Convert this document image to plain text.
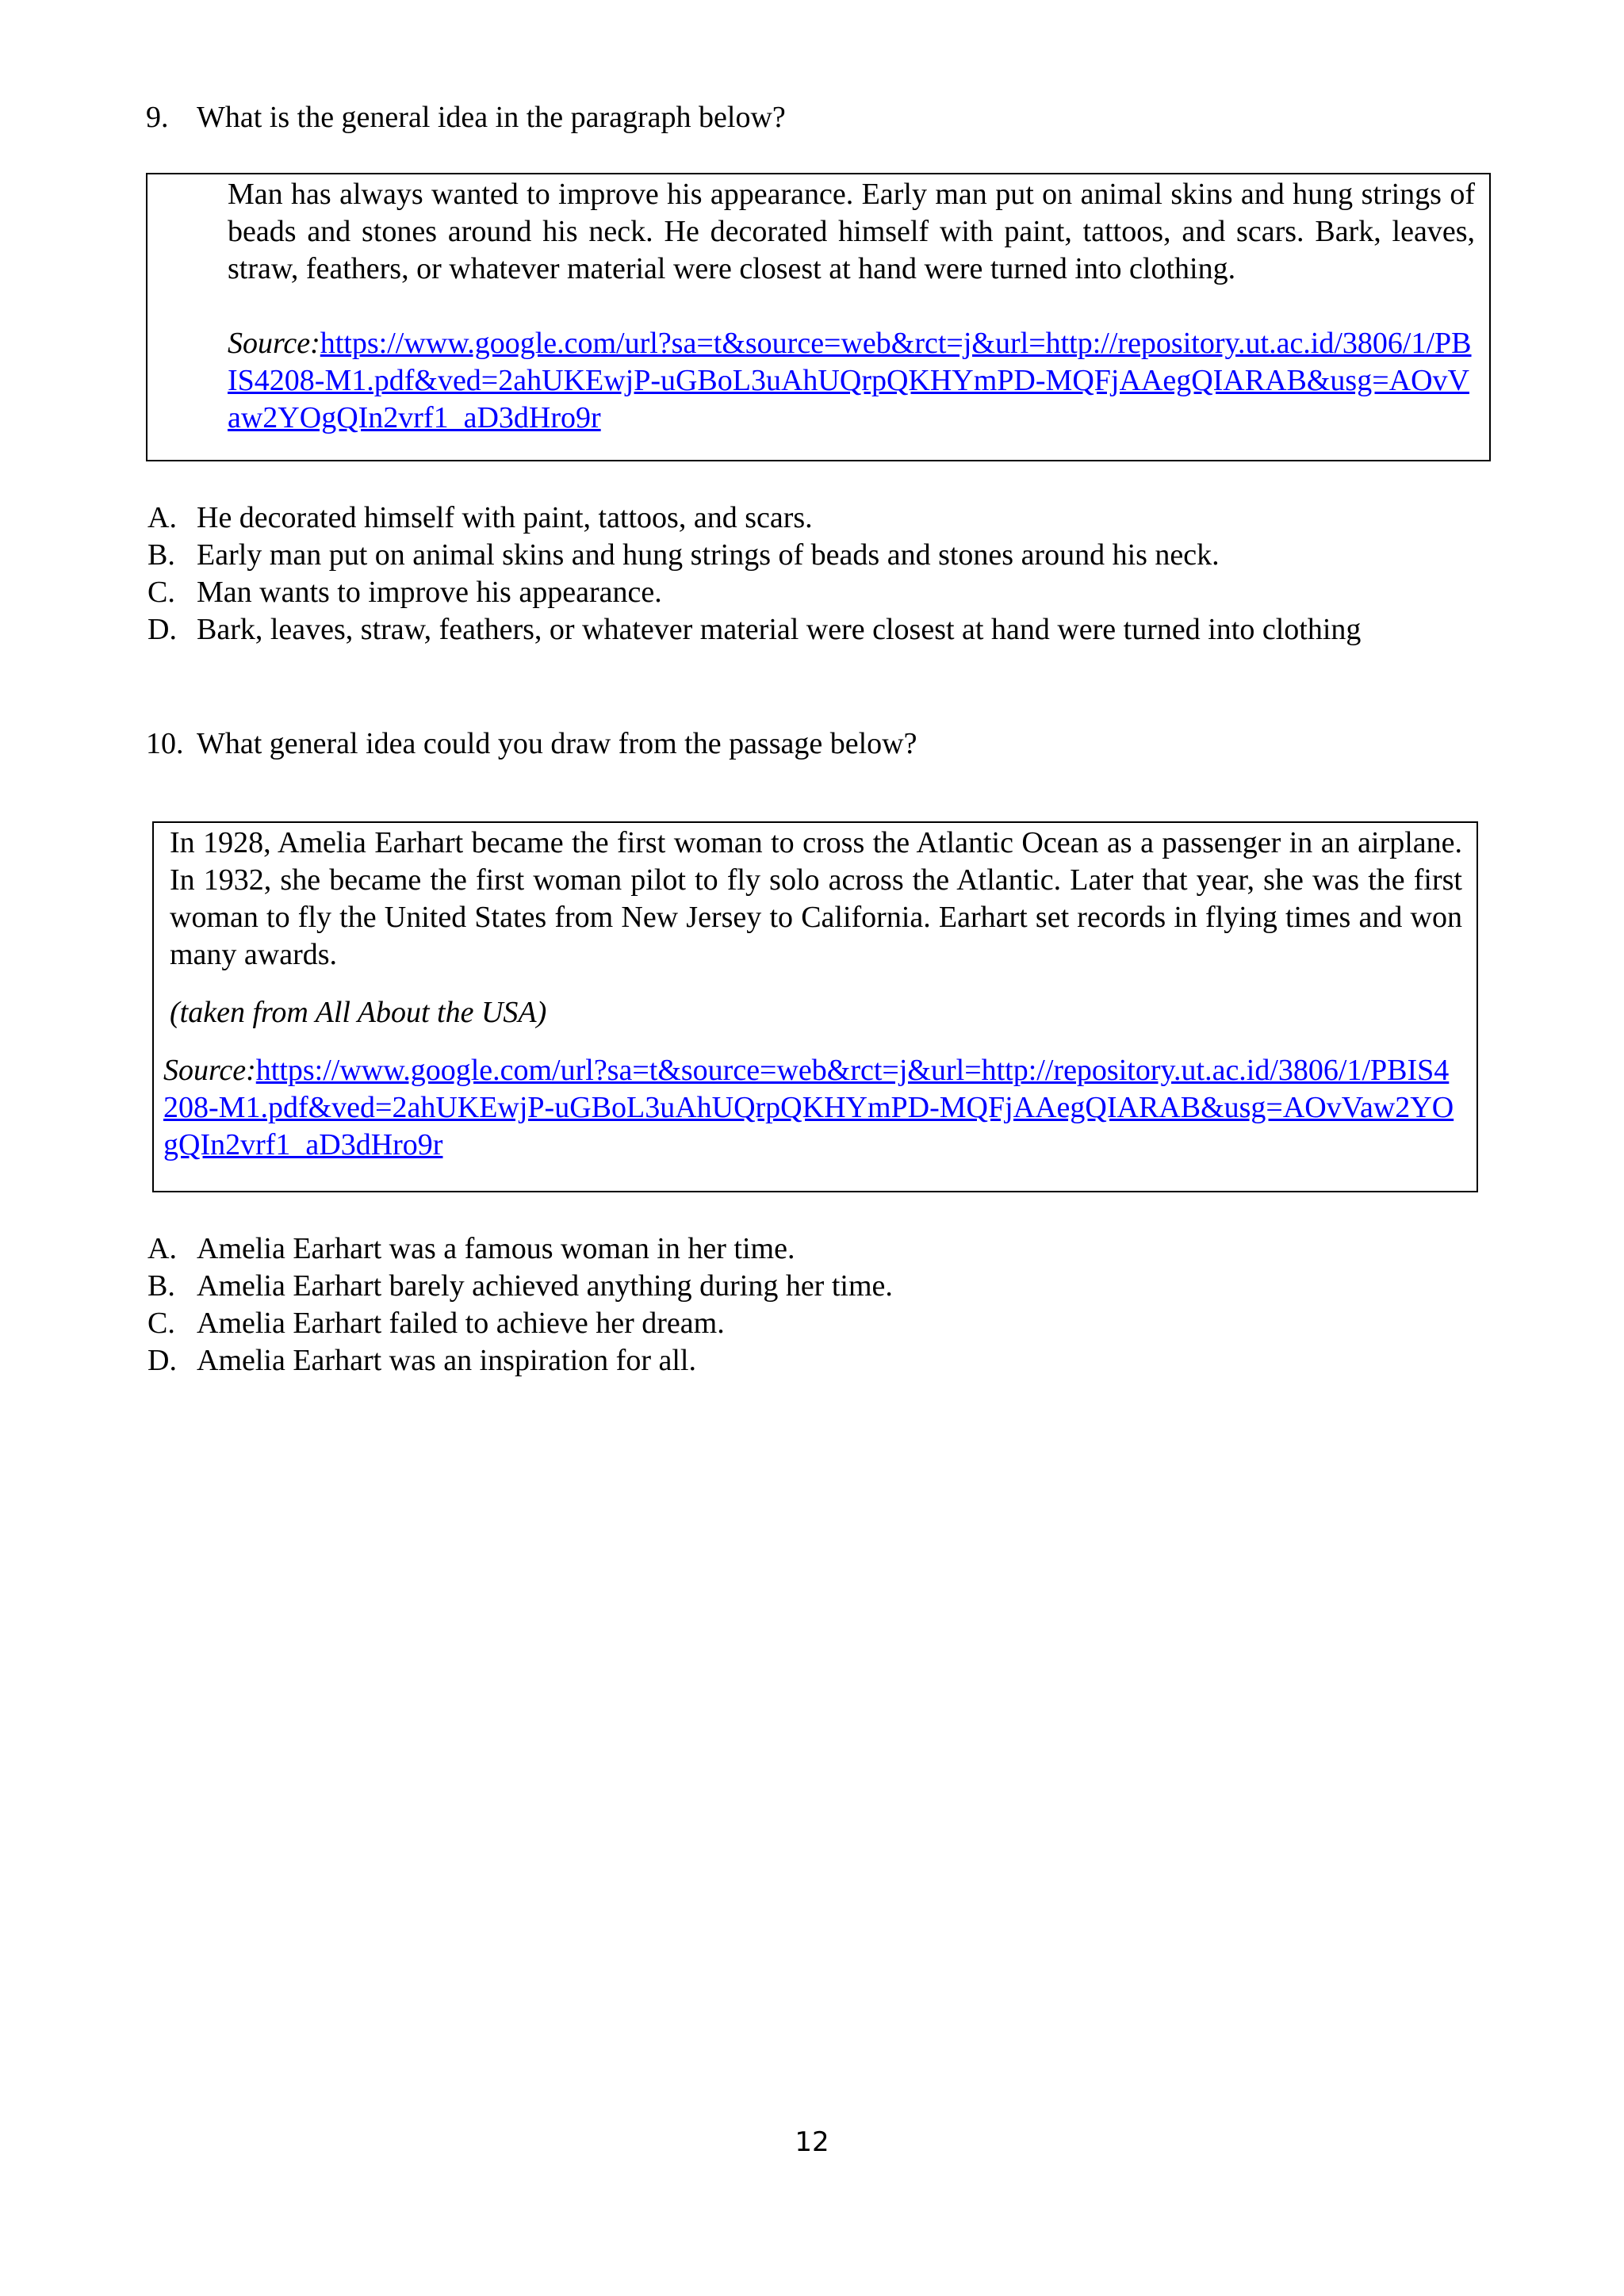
9. What is the general idea in the paragraph below?
Man has always wanted to improve his appearance. Early man put on animal skins and hung strings of beads and stones around his neck. He decorated himself with paint, tattoos, and scars. Bark, leaves, straw, feathers, or whatever material were closest at hand were turned into clothing.
Source:https://www.google.com/url?sa=t&source=web&rct=j&url=http://repository.ut.ac.id/3806/1/PBIS4208-M1.pdf&ved=2ahUKEwjP-uGBoL3uAhUQrpQKHYmPD-MQFjAAegQIARAB&usg=AOvVaw2YOgQIn2vrf1_aD3dHro9r
A. He decorated himself with paint, tattoos, and scars.
B. Early man put on animal skins and hung strings of beads and stones around his neck.
C. Man wants to improve his appearance.
D. Bark, leaves, straw, feathers, or whatever material were closest at hand were turned into clothing
10. What general idea could you draw from the passage below?
In 1928, Amelia Earhart became the first woman to cross the Atlantic Ocean as a passenger in an airplane. In 1932, she became the first woman pilot to fly solo across the Atlantic. Later that year, she was the first woman to fly the United States from New Jersey to California. Earhart set records in flying times and won many awards.
(taken from All About the USA)
Source:https://www.google.com/url?sa=t&source=web&rct=j&url=http://repository.ut.ac.id/3806/1/PBIS4208-M1.pdf&ved=2ahUKEwjP-uGBoL3uAhUQrpQKHYmPD-MQFjAAegQIARAB&usg=AOvVaw2YOgQIn2vrf1_aD3dHro9r
A. Amelia Earhart was a famous woman in her time.
B. Amelia Earhart barely achieved anything during her time.
C. Amelia Earhart failed to achieve her dream.
D. Amelia Earhart was an inspiration for all.
12
